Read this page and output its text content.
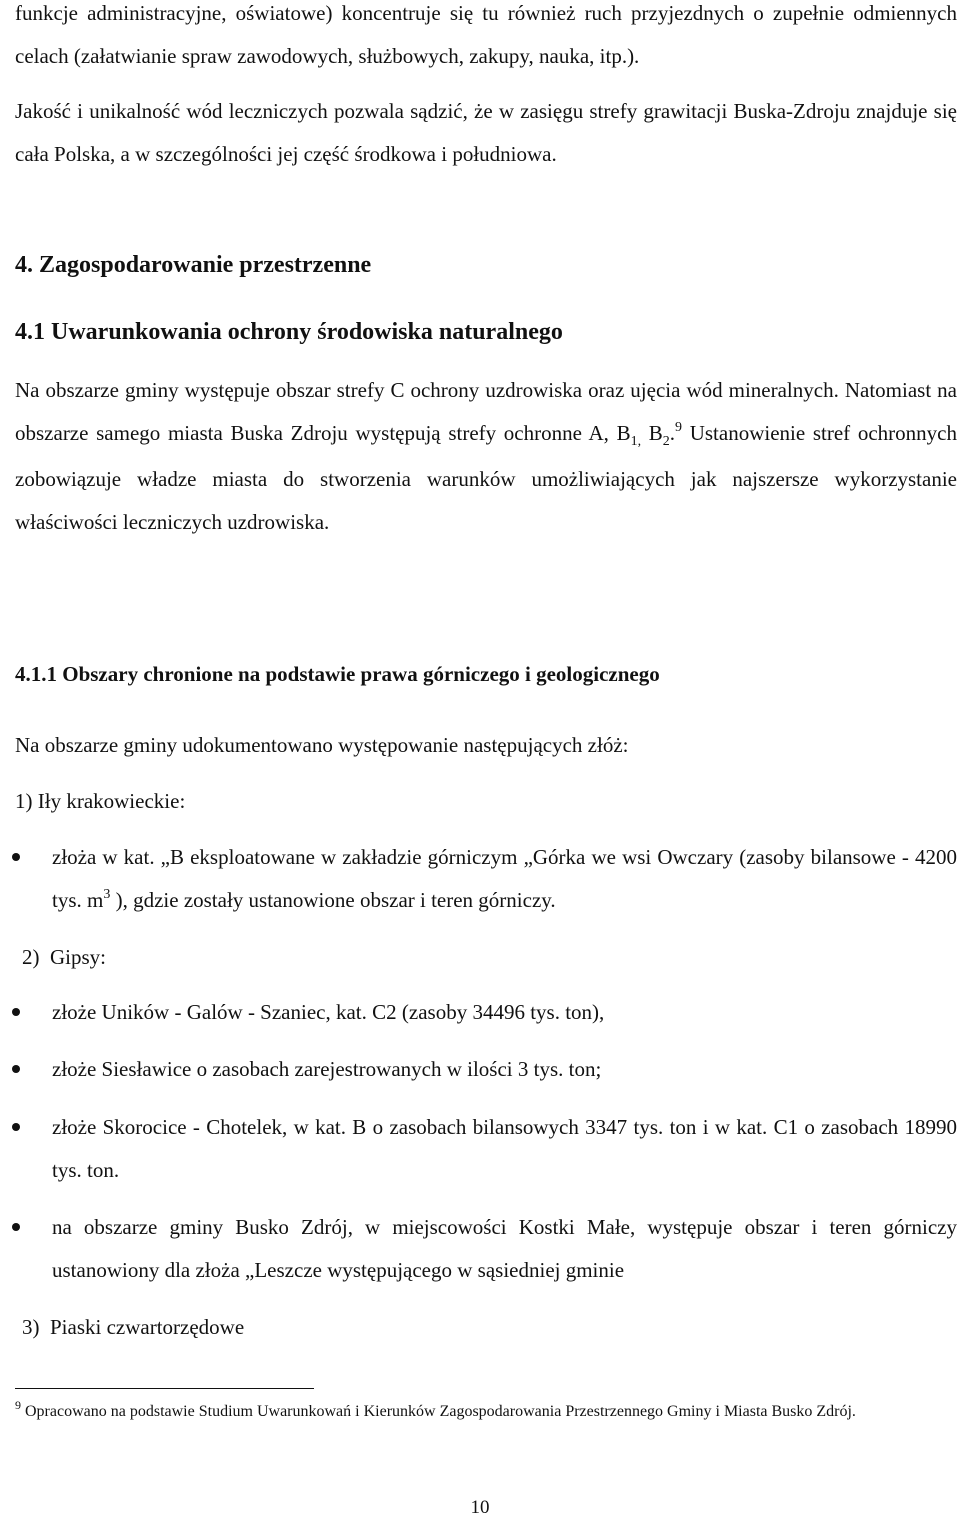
funkcje administracyjne, oświatowe) koncentruje się tu również ruch przyjezdnych o zupełnie odmiennych celach (załatwianie spraw zawodowych, służbowych, zakupy, nauka, itp.).

Jakość i unikalność wód leczniczych pozwala sądzić, że w zasięgu strefy grawitacji Buska-Zdroju znajduje się cała Polska, a w szczególności jej część środkowa i południowa.

4. Zagospodarowanie przestrzenne
4.1 Uwarunkowania ochrony środowiska naturalnego

Na obszarze gminy występuje obszar strefy C ochrony uzdrowiska oraz ujęcia wód mineralnych. Natomiast na obszarze samego miasta Buska Zdroju występują strefy ochronne A, $B_{1,}$ $B_2.^9$ Ustanowienie stref ochronnych zobowiązuje władze miasta do stworzenia warunków umożliwiających jak najszersze wykorzystanie właściwości leczniczych uzdrowiska.

4.1.1 Obszary chronione na podstawie prawa górniczego i geologicznego

Na obszarze gminy udokumentowano występowanie następujących złóż:

1) Iły krakowieckie:

złoża w kat. „B eksploatowane w zakładzie górniczym „Górka we wsi Owczary (zasoby bilansowe - 4200 tys. $m^3$ ), gdzie zostały ustanowione obszar i teren górniczy.

2) Gipsy:

złoże Uników - Galów - Szaniec, kat. C2 (zasoby 34496 tys. ton),

złoże Siesławice o zasobach zarejestrowanych w ilości 3 tys. ton;

złoże Skorocice - Chotelek, w kat. B o zasobach bilansowych 3347 tys. ton i w kat. C1 o zasobach 18990 tys. ton.

na obszarze gminy Busko Zdrój, w miejscowości Kostki Małe, występuje obszar i teren górniczy ustanowiony dla złoża „Leszcze występującego w sąsiedniej gminie

3) Piaski czwartorzędowe

$^9$ Opracowano na podstawie Studium Uwarunkowań i Kierunków Zagospodarowania Przestrzennego Gminy i Miasta Busko Zdrój.

10
